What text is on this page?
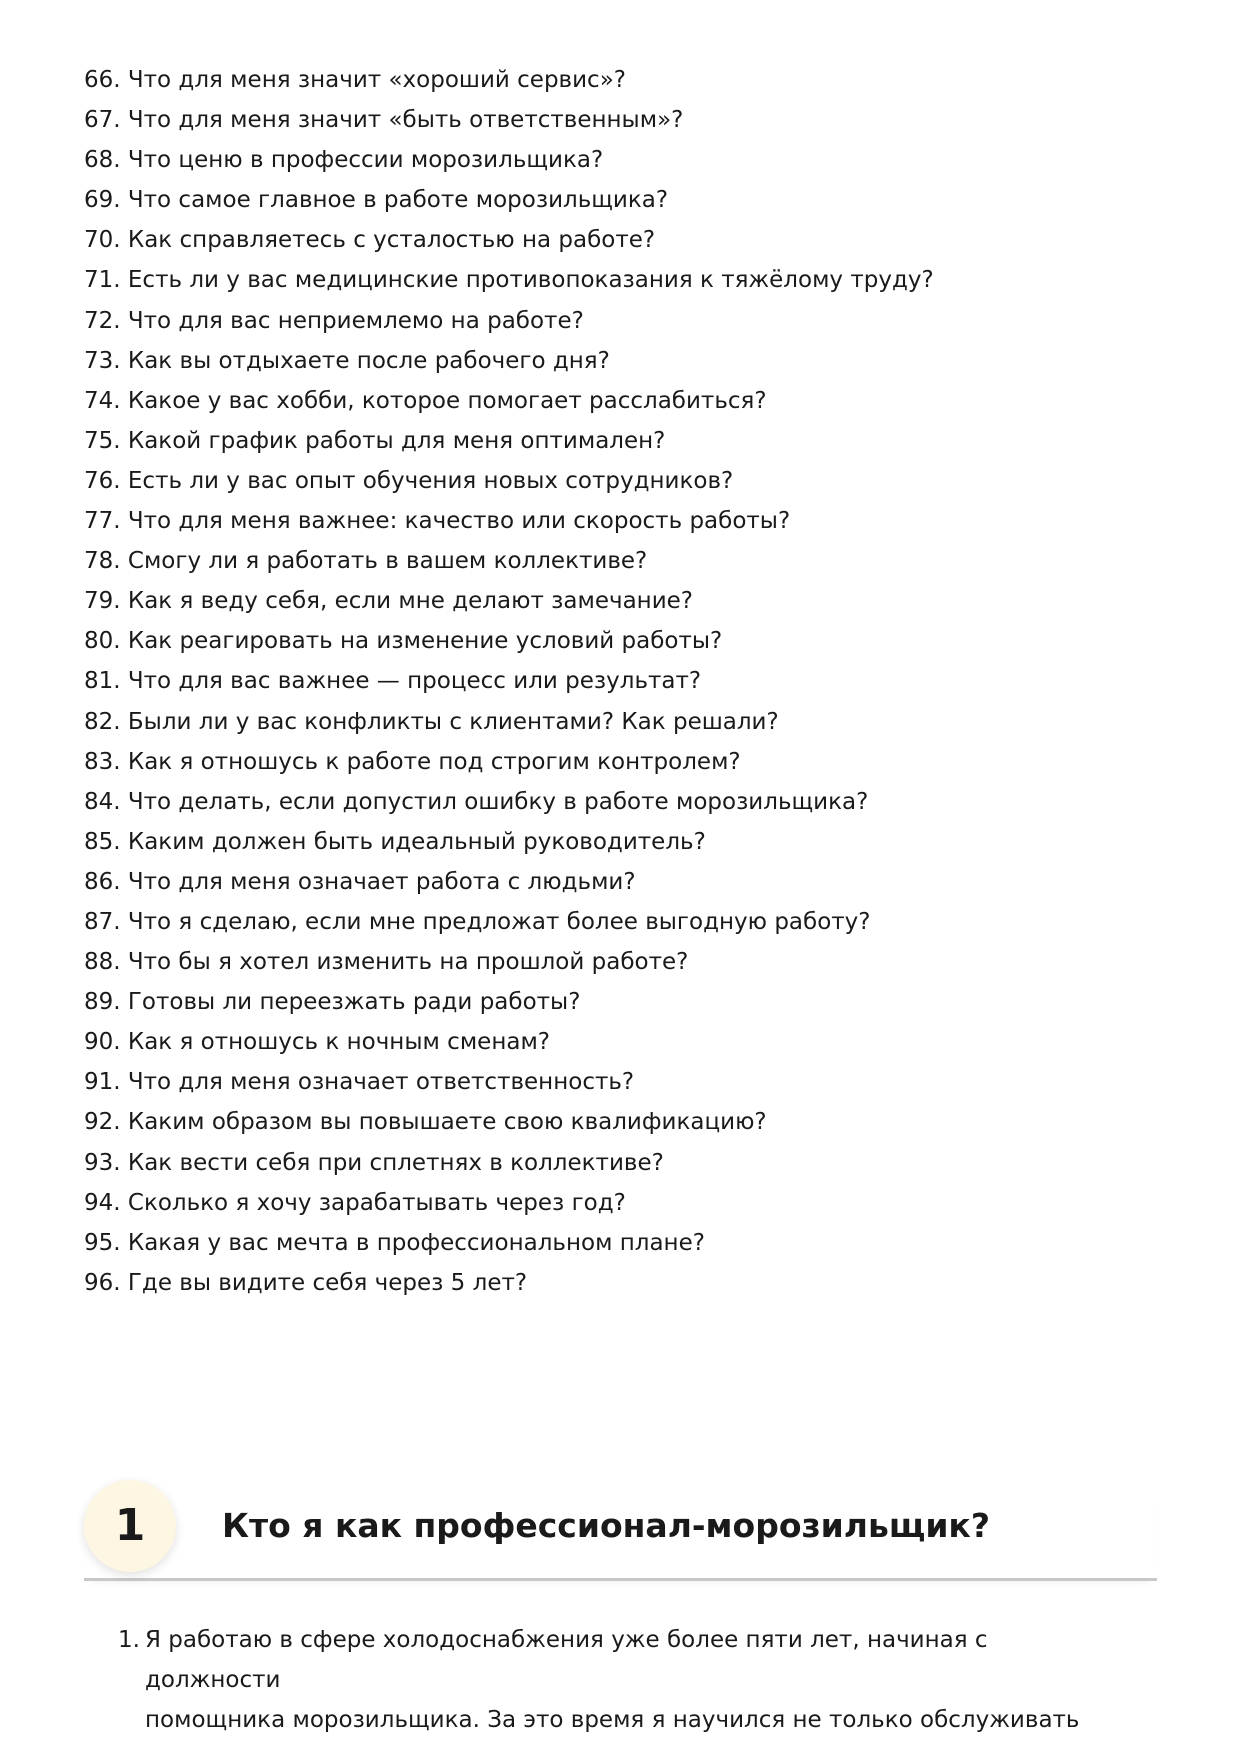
66. Что для меня значит «хороший сервис»?
67. Что для меня значит «быть ответственным»?
68. Что ценю в профессии морозильщика?
69. Что самое главное в работе морозильщика?
70. Как справляетесь с усталостью на работе?
71. Есть ли у вас медицинские противопоказания к тяжёлому труду?
72. Что для вас неприемлемо на работе?
73. Как вы отдыхаете после рабочего дня?
74. Какое у вас хобби, которое помогает расслабиться?
75. Какой график работы для меня оптимален?
76. Есть ли у вас опыт обучения новых сотрудников?
77. Что для меня важнее: качество или скорость работы?
78. Смогу ли я работать в вашем коллективе?
79. Как я веду себя, если мне делают замечание?
80. Как реагировать на изменение условий работы?
81. Что для вас важнее — процесс или результат?
82. Были ли у вас конфликты с клиентами? Как решали?
83. Как я отношусь к работе под строгим контролем?
84. Что делать, если допустил ошибку в работе морозильщика?
85. Каким должен быть идеальный руководитель?
86. Что для меня означает работа с людьми?
87. Что я сделаю, если мне предложат более выгодную работу?
88. Что бы я хотел изменить на прошлой работе?
89. Готовы ли переезжать ради работы?
90. Как я отношусь к ночным сменам?
91. Что для меня означает ответственность?
92. Каким образом вы повышаете свою квалификацию?
93. Как вести себя при сплетнях в коллективе?
94. Сколько я хочу зарабатывать через год?
95. Какая у вас мечта в профессиональном плане?
96. Где вы видите себя через 5 лет?
1	Кто я как профессионал-морозильщик?
1. Я работаю в сфере холодоснабжения уже более пяти лет, начиная с должности
помощника морозильщика. За это время я научился не только обслуживать
